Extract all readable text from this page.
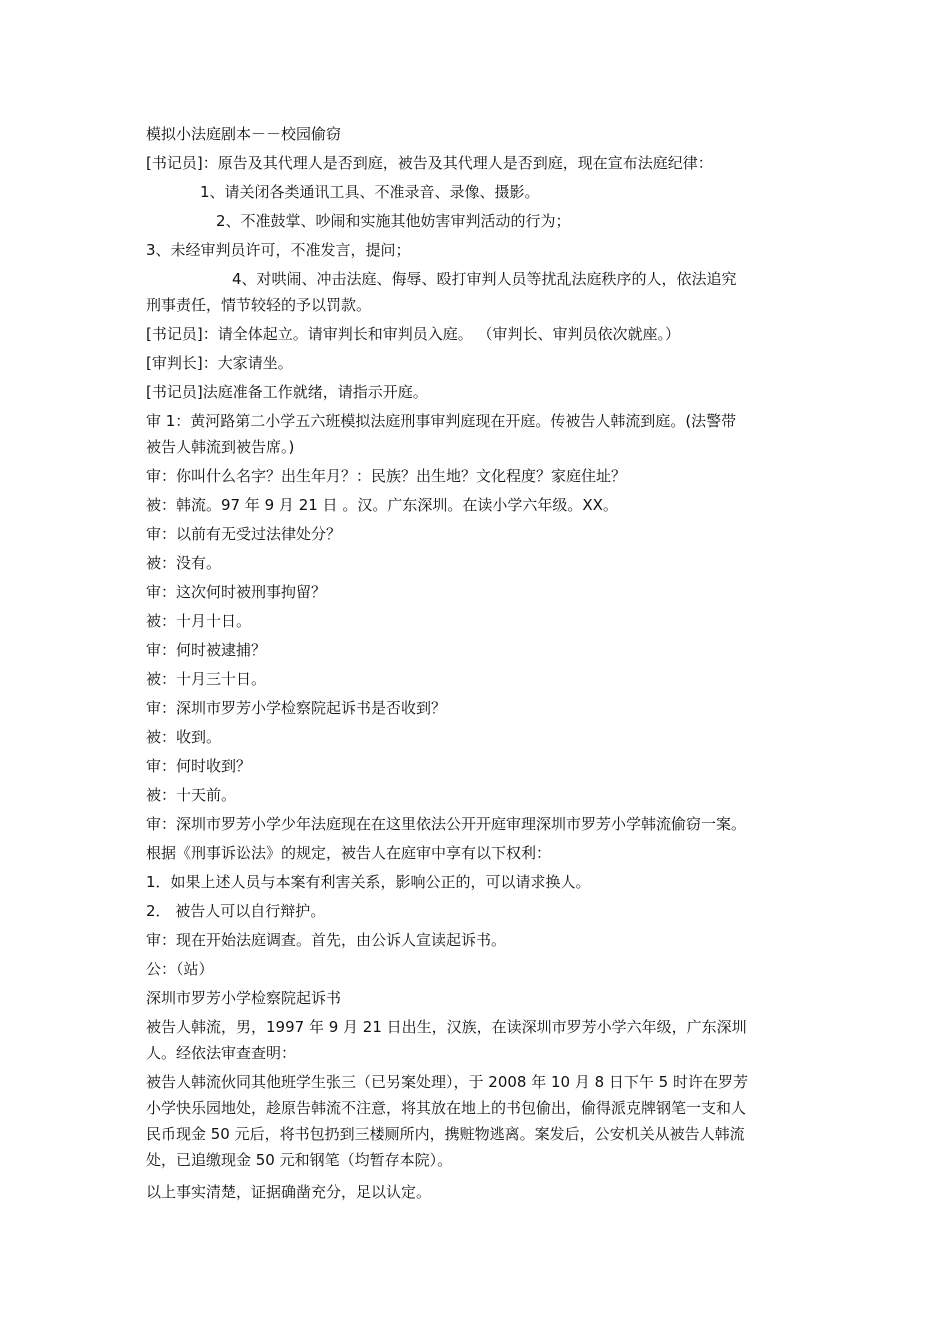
模拟小法庭剧本－－校园偷窃
[书记员]：原告及其代理人是否到庭，被告及其代理人是否到庭，现在宣布法庭纪律：
1、请关闭各类通讯工具、不准录音、录像、摄影。
2、不准鼓掌、吵闹和实施其他妨害审判活动的行为；
3、未经审判员许可，不准发言，提问；
4、对哄闹、冲击法庭、侮辱、殴打审判人员等扰乱法庭秩序的人，依法追究
刑事责任，情节较轻的予以罚款。
[书记员]：请全体起立。请审判长和审判员入庭。 （审判长、审判员依次就座。）
[审判长]：大家请坐。
[书记员]法庭准备工作就绪，请指示开庭。
审 1：黄河路第二小学五六班模拟法庭刑事审判庭现在开庭。传被告人韩流到庭。(法警带
被告人韩流到被告席。)
审：你叫什么名字？出生年月？：民族？出生地？文化程度？家庭住址？
被：韩流。97 年 9 月 21 日 。汉。广东深圳。在读小学六年级。XX。
审：以前有无受过法律处分？
被：没有。
审：这次何时被刑事拘留？
被：十月十日。
审：何时被逮捕？
被：十月三十日。
审：深圳市罗芳小学检察院起诉书是否收到？
被：收到。
审：何时收到？
被：十天前。
审：深圳市罗芳小学少年法庭现在在这里依法公开开庭审理深圳市罗芳小学韩流偷窃一案。
根据《刑事诉讼法》的规定，被告人在庭审中享有以下权利：
1．如果上述人员与本案有利害关系，影响公正的，可以请求换人。
2． 被告人可以自行辩护。
审：现在开始法庭调查。首先，由公诉人宣读起诉书。
公：（站）
深圳市罗芳小学检察院起诉书
被告人韩流，男，1997 年 9 月 21 日出生，汉族，在读深圳市罗芳小学六年级，广东深圳
人。经依法审查查明：
被告人韩流伙同其他班学生张三（已另案处理），于 2008 年 10 月 8 日下午 5 时许在罗芳
小学快乐园地处，趁原告韩流不注意，将其放在地上的书包偷出，偷得派克牌钢笔一支和人
民币现金 50 元后，将书包扔到三楼厕所内，携赃物逃离。案发后，公安机关从被告人韩流
处，已追缴现金 50 元和钢笔（均暂存本院）。
以上事实清楚，证据确凿充分，足以认定。
